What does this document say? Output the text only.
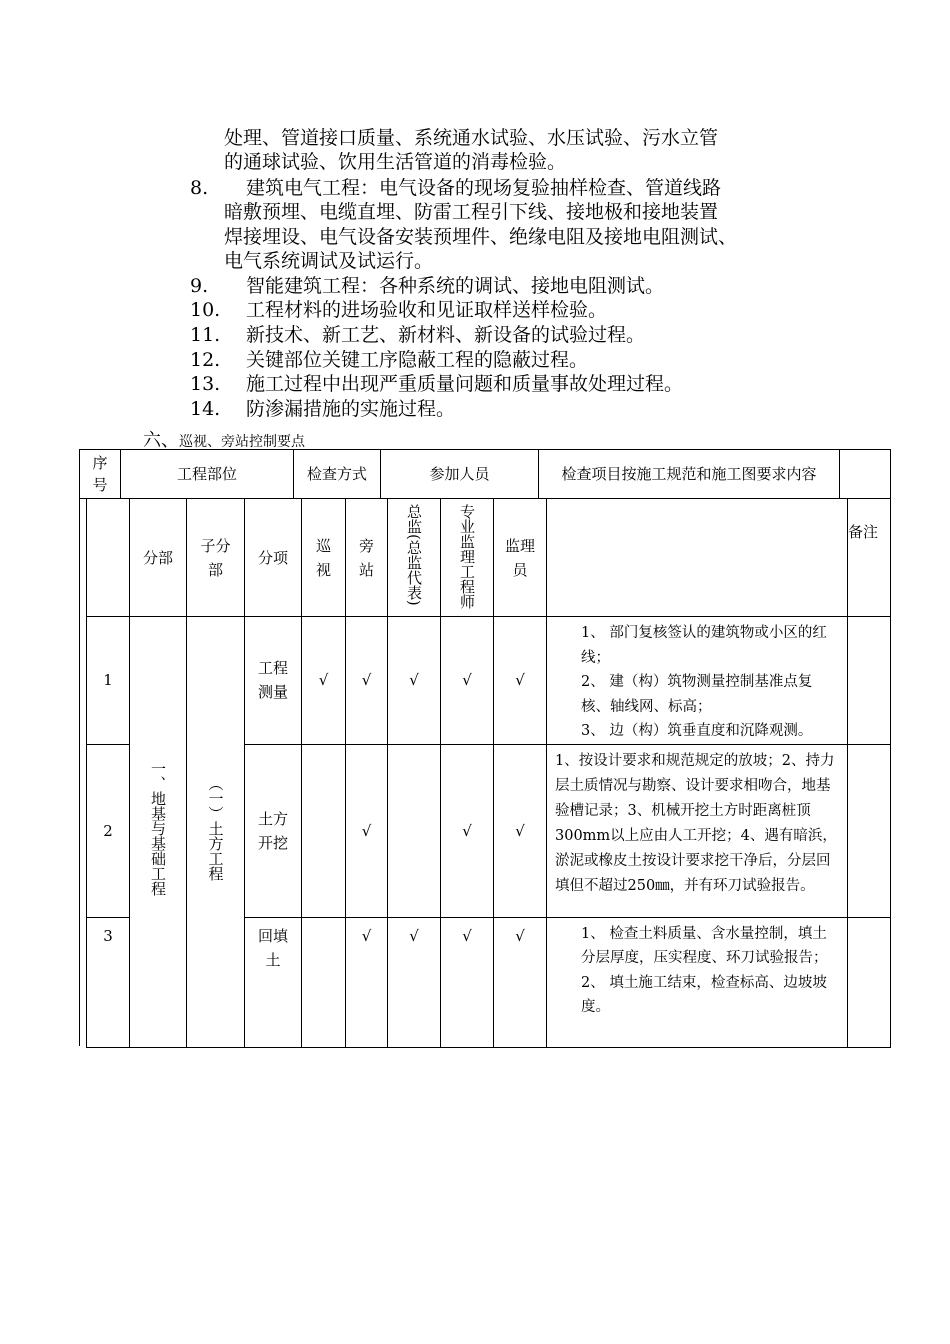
处理、管道接口质量、系统通水试验、水压试验、污水立管
的通球试验、饮用生活管道的消毒检验。
8. 建筑电气工程：电气设备的现场复验抽样检查、管道线路
暗敷预埋、电缆直埋、防雷工程引下线、接地极和接地装置
焊接埋设、电气设备安装预埋件、绝缘电阻及接地电阻测试、
电气系统调试及试运行。
9. 智能建筑工程：各种系统的调试、接地电阻测试。
10. 工程材料的进场验收和见证取样送样检验。
11. 新技术、新工艺、新材料、新设备的试验过程。
12. 关键部位关键工序隐蔽工程的隐蔽过程。
13. 施工过程中出现严重质量问题和质量事故处理过程。
14. 防渗漏措施的实施过程。
六、巡视、旁站控制要点
序号
	工程部位	检查方式	参加人员	检查项目按施工规范和施工图要求内容

	分部	子分部	分项	巡视	旁站	总监(总监代表)	专业监理工程师	监理员		备注
1	一、地基与基础工程	（一）土方工程	工程测量	√	√	√	√	√	1、 部门复核签认的建筑物或小区的红线；
2、 建（构）筑物测量控制基准点复核、轴线网、标高；
3、 边（构）筑垂直度和沉降观测。	

2			土方开挖		√		√	√	1、按设计要求和规范规定的放坡；2、持力层土质情况与勘察、设计要求相吻合，地基验槽记录；3、机械开挖土方时距离桩顶300mm以上应由人工开挖；4、遇有暗浜，淤泥或橡皮土按设计要求挖干净后，分层回填但不超过250㎜，并有环刀试验报告。	

3			回填土		√	√	√	√	1、 检查土料质量、含水量控制，填土分层厚度，压实程度、环刀试验报告；
2、 填土施工结束，检查标高、边坡坡度。	
